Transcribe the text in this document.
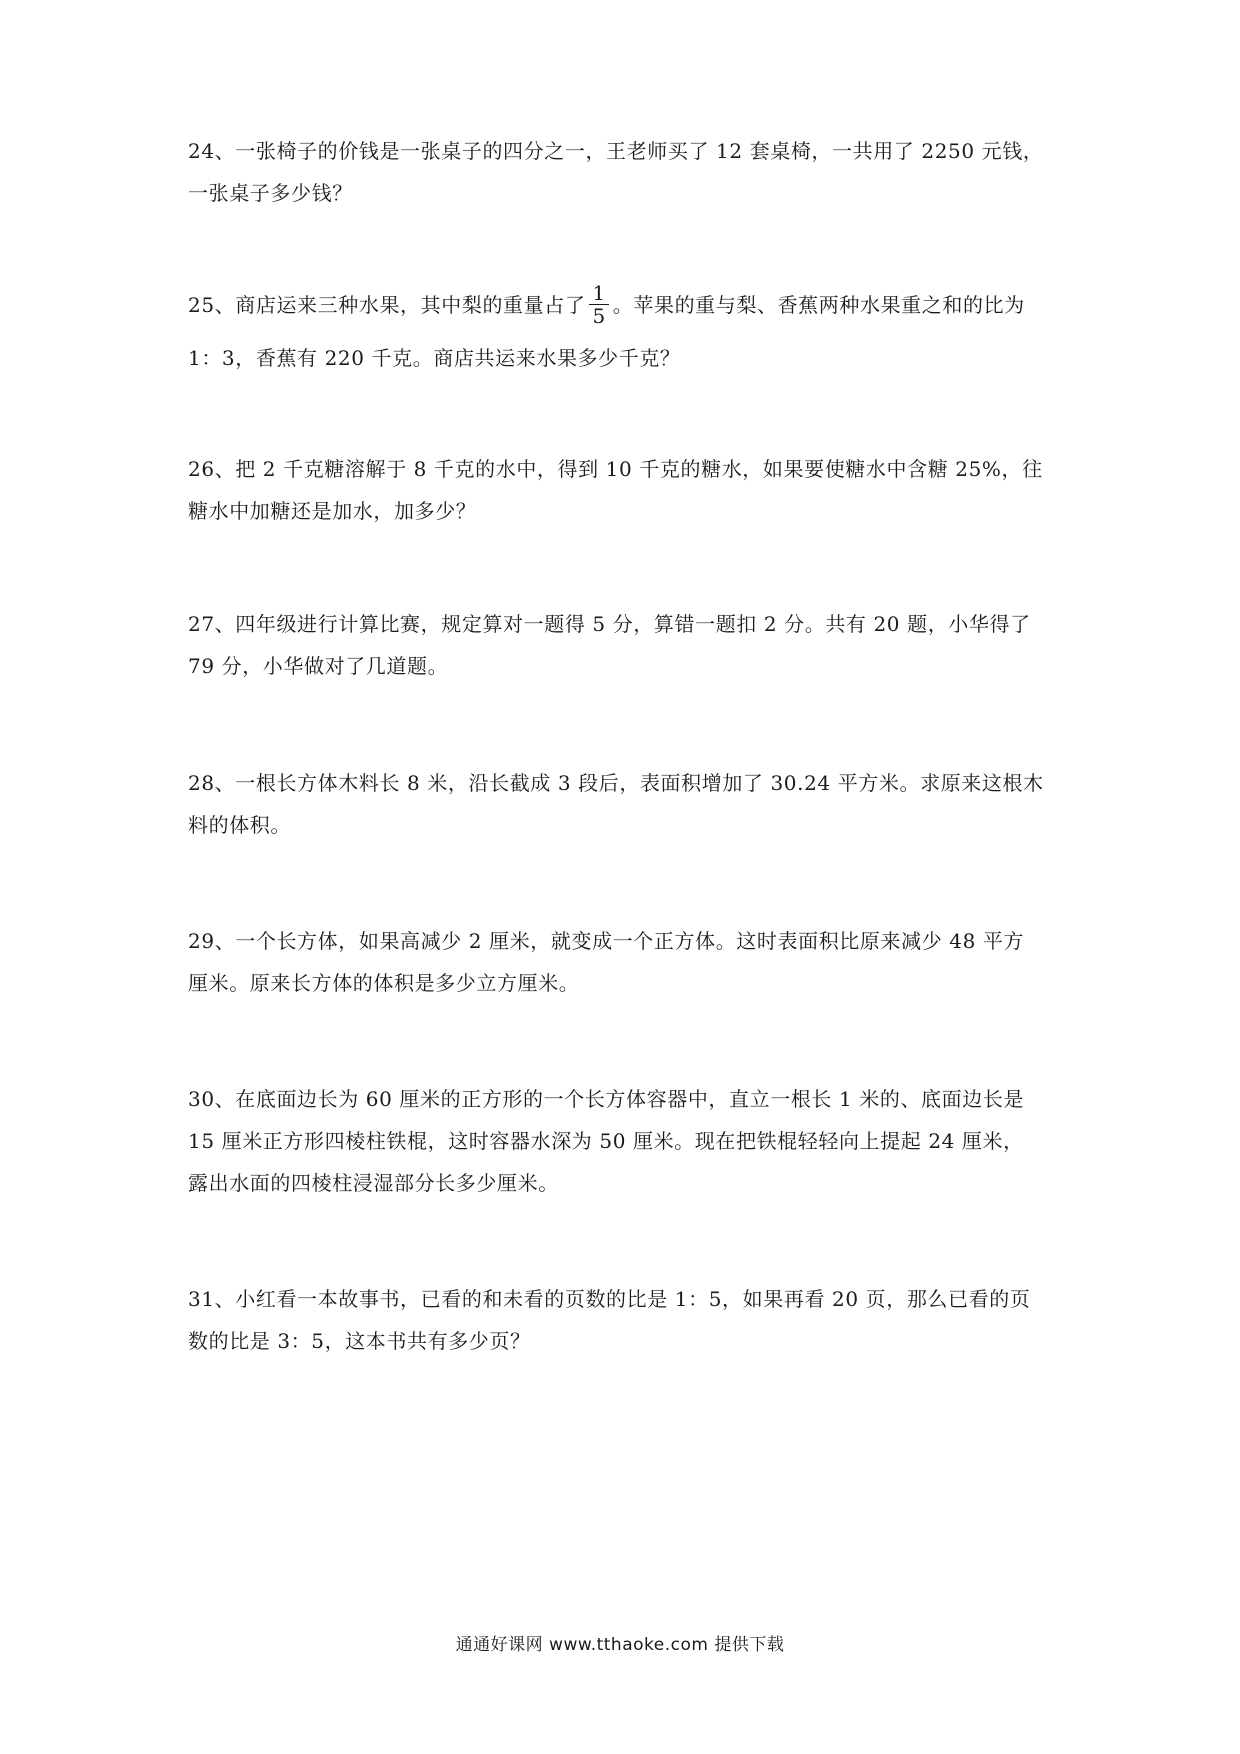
24、一张椅子的价钱是一张桌子的四分之一，王老师买了 12 套桌椅，一共用了 2250 元钱，
一张桌子多少钱？
25、商店运来三种水果，其中梨的重量占了 $\frac{1}{5}$ 。苹果的重与梨、香蕉两种水果重之和的比为
1：3，香蕉有 220 千克。商店共运来水果多少千克？
26、把 2 千克糖溶解于 8 千克的水中，得到 10 千克的糖水，如果要使糖水中含糖 25%，往
糖水中加糖还是加水，加多少？
27、四年级进行计算比赛，规定算对一题得 5 分，算错一题扣 2 分。共有 20 题，小华得了
79 分，小华做对了几道题。
28、一根长方体木料长 8 米，沿长截成 3 段后，表面积增加了 30.24 平方米。求原来这根木
料的体积。
29、一个长方体，如果高减少 2 厘米，就变成一个正方体。这时表面积比原来减少 48 平方
厘米。原来长方体的体积是多少立方厘米。
30、在底面边长为 60 厘米的正方形的一个长方体容器中，直立一根长 1 米的、底面边长是
15 厘米正方形四棱柱铁棍，这时容器水深为 50 厘米。现在把铁棍轻轻向上提起 24 厘米，
露出水面的四棱柱浸湿部分长多少厘米。
31、小红看一本故事书，已看的和未看的页数的比是 1：5，如果再看 20 页，那么已看的页
数的比是 3：5，这本书共有多少页？
通通好课网 www.tthaoke.com 提供下载
